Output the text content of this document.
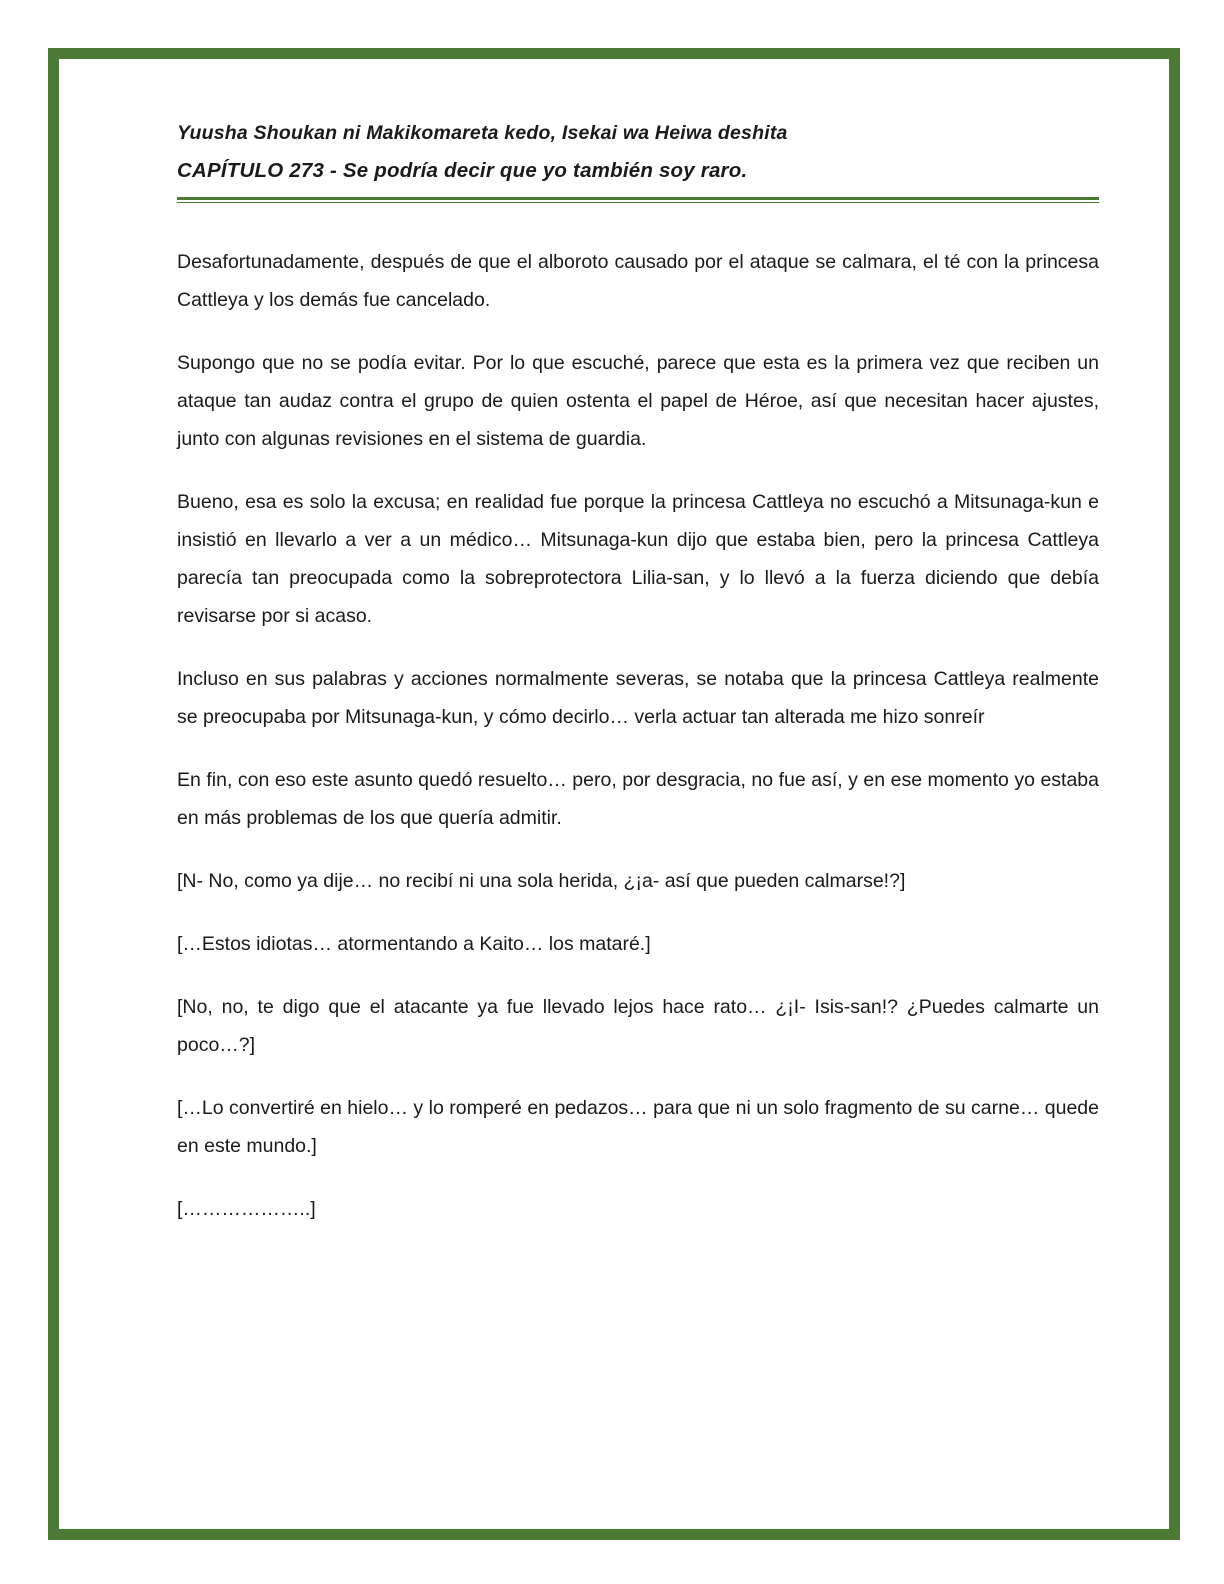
Yuusha Shoukan ni Makikomareta kedo, Isekai wa Heiwa deshita
CAPÍTULO 273 - Se podría decir que yo también soy raro.

Desafortunadamente, después de que el alboroto causado por el ataque se calmara, el té con la princesa Cattleya y los demás fue cancelado.

Supongo que no se podía evitar. Por lo que escuché, parece que esta es la primera vez que reciben un ataque tan audaz contra el grupo de quien ostenta el papel de Héroe, así que necesitan hacer ajustes, junto con algunas revisiones en el sistema de guardia.

Bueno, esa es solo la excusa; en realidad fue porque la princesa Cattleya no escuchó a Mitsunaga-kun e insistió en llevarlo a ver a un médico… Mitsunaga-kun dijo que estaba bien, pero la princesa Cattleya parecía tan preocupada como la sobreprotectora Lilia-san, y lo llevó a la fuerza diciendo que debía revisarse por si acaso.

Incluso en sus palabras y acciones normalmente severas, se notaba que la princesa Cattleya realmente se preocupaba por Mitsunaga-kun, y cómo decirlo… verla actuar tan alterada me hizo sonreír

En fin, con eso este asunto quedó resuelto… pero, por desgracia, no fue así, y en ese momento yo estaba en más problemas de los que quería admitir.

[N- No, como ya dije… no recibí ni una sola herida, ¿¡a- así que pueden calmarse!?]

[…Estos idiotas… atormentando a Kaito… los mataré.]

[No, no, te digo que el atacante ya fue llevado lejos hace rato… ¿¡I- Isis-san!? ¿Puedes calmarte un poco…?]

[…Lo convertiré en hielo… y lo romperé en pedazos… para que ni un solo fragmento de su carne… quede en este mundo.]

[………………..]
